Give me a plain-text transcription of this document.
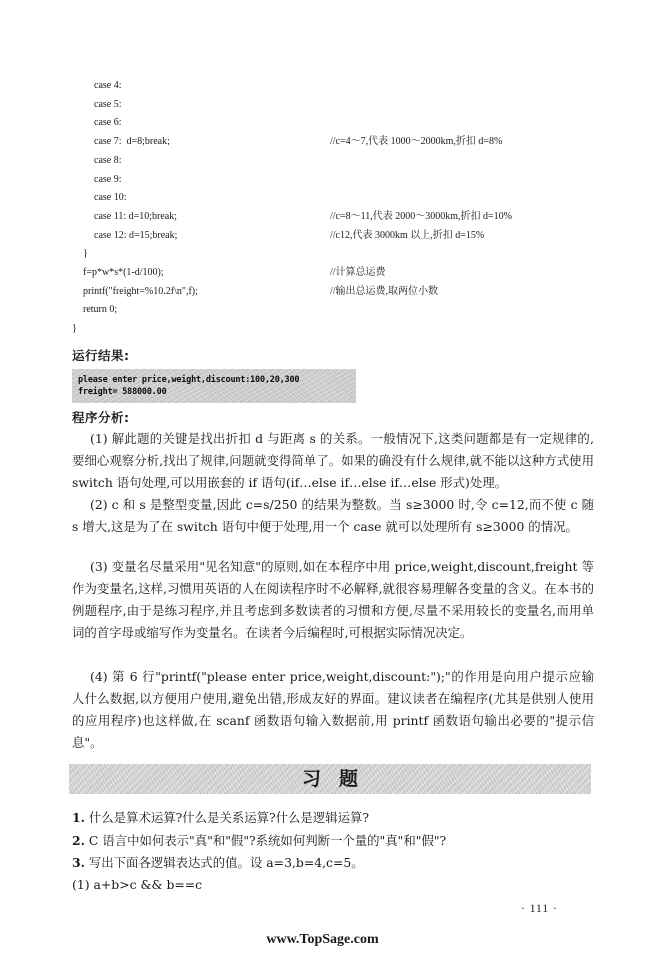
case 4:
case 5:
case 6:
case 7:  d=8;break;	//c=4～7,代表 1000～2000km,折扣 d=8%
case 8:
case 9:
case 10:
case 11: d=10;break;	//c=8～11,代表 2000～3000km,折扣 d=10%
case 12: d=15;break;	//c12,代表 3000km 以上,折扣 d=15%
}
f=p*w*s*(1-d/100);	//计算总运费
printf("freight=%10.2f\n",f);	//输出总运费,取两位小数
return 0;
}
运行结果:
please enter price,weight,discount:100,20,300
freight= 588000.00
程序分析:
(1) 解此题的关键是找出折扣 d 与距离 s 的关系。一般情况下,这类问题都是有一定规律的,要细心观察分析,找出了规律,问题就变得简单了。如果的确没有什么规律,就不能以这种方式使用 switch 语句处理,可以用嵌套的 if 语句(if…else if…else if…else 形式)处理。
(2) c 和 s 是整型变量,因此 c=s/250 的结果为整数。当 s≥3000 时,令 c=12,而不使 c 随 s 增大,这是为了在 switch 语句中便于处理,用一个 case 就可以处理所有 s≥3000 的情况。
(3) 变量名尽量采用"见名知意"的原则,如在本程序中用 price,weight,discount,freight 等作为变量名,这样,习惯用英语的人在阅读程序时不必解释,就很容易理解各变量的含义。在本书的例题程序,由于是练习程序,并且考虑到多数读者的习惯和方便,尽量不采用较长的变量名,而用单词的首字母或缩写作为变量名。在读者今后编程时,可根据实际情况决定。
(4) 第 6 行"printf("please enter price,weight,discount:");"的作用是向用户提示应输人什么数据,以方便用户使用,避免出错,形成友好的界面。建议读者在编程序(尤其是供别人使用的应用程序)也这样做,在 scanf 函数语句输入数据前,用 printf 函数语句输出必要的"提示信息"。
习题
1. 什么是算术运算?什么是关系运算?什么是逻辑运算?
2. C 语言中如何表示"真"和"假"?系统如何判断一个量的"真"和"假"?
3. 写出下面各逻辑表达式的值。设 a=3,b=4,c=5。
(1) a+b>c && b==c
· 111 ·
www.TopSage.com
